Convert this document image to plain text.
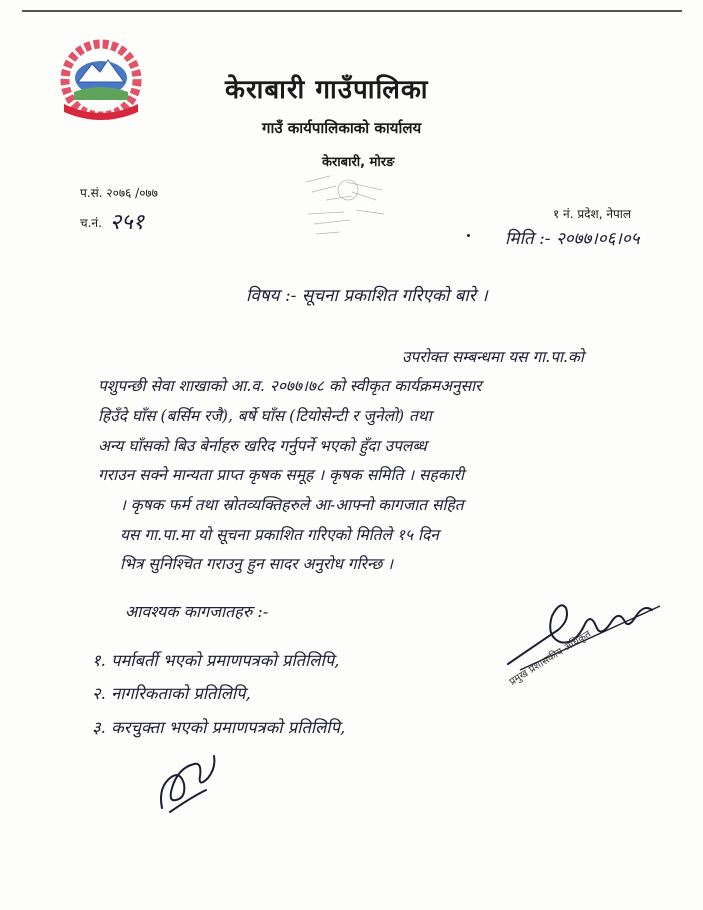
केराबारी गाउँपालिका
गाउँ कार्यपालिकाको कार्यालय
केराबारी, मोरङ
प.सं. २०७६ /०७७
च.नं. २५१	१ नं. प्रदेश, नेपाल
मिति :- २०७७।०६।०५
विषय :- सूचना प्रकाशित गरिएको बारे ।
उपरोक्त सम्बन्धमा यस गा.पा.को
पशुपन्छी सेवा शाखाको आ.व. २०७७।७८ को स्वीकृत कार्यक्रमअनुसार
हिउँदे घाँस (बर्सिम रजै), बर्षे घाँस (टियोसेन्टी र जुनेलो) तथा
अन्य घाँसको बिउ बेर्नाहरु खरिद गर्नुपर्ने भएको हुँदा उपलब्ध
गराउन सक्ने मान्यता प्राप्त कृषक समूह । कृषक समिति । सहकारी
। कृषक फर्म तथा स्रोतव्यक्तिहरुले आ-आफ्नो कागजात सहित
यस गा.पा.मा यो सूचना प्रकाशित गरिएको मितिले १५ दिन
भित्र सुनिश्चित गराउनु हुन सादर अनुरोध गरिन्छ ।
आवश्यक कागजातहरु :-
१. पर्माबर्ती भएको प्रमाणपत्रको प्रतिलिपि,
२. नागरिकताको प्रतिलिपि,
३. करचुक्ता भएको प्रमाणपत्रको प्रतिलिपि,
प्रमुख प्रशासकीय अधिकृत
